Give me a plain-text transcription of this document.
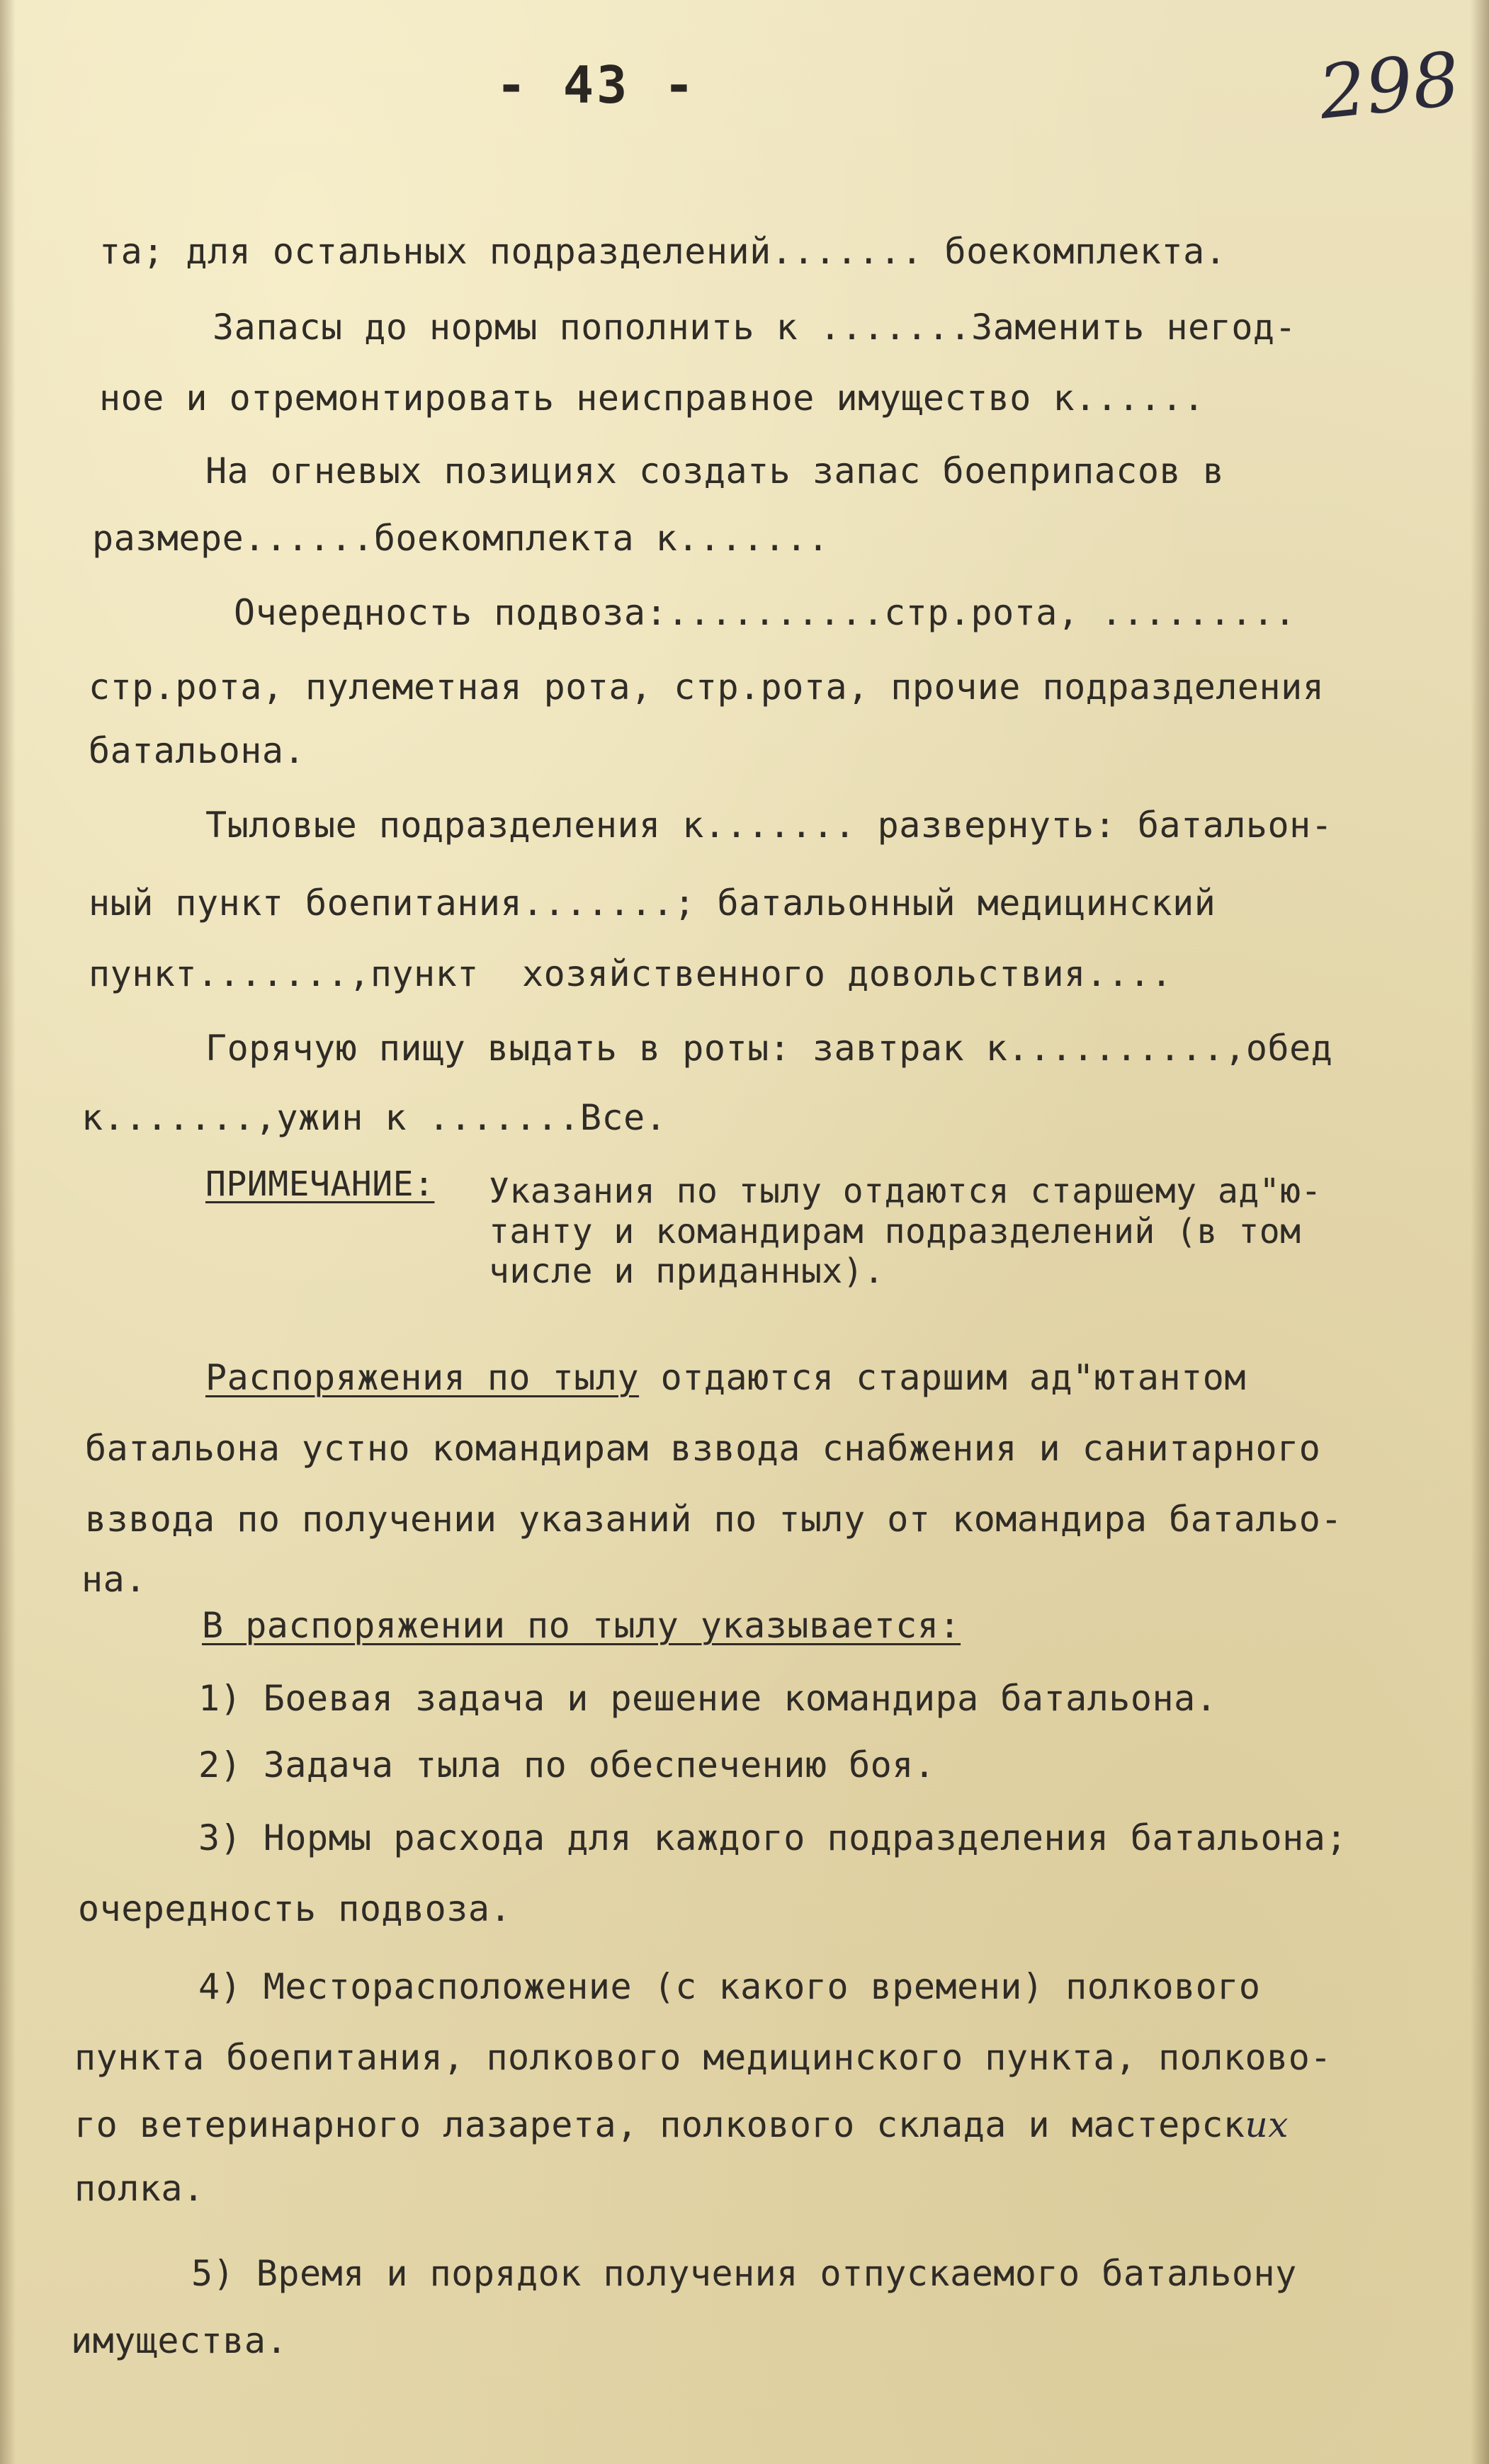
- 43 -	298
та; для остальных подразделений....... боекомплекта.
Запасы до нормы пополнить к .......Заменить негод-
ное и отремонтировать неисправное имущество к......
На огневых позициях создать запас боеприпасов в
размере......боекомплекта к.......
Очередность подвоза:..........стр.рота, .........
стр.рота, пулеметная рота, стр.рота, прочие подразделения
батальона.
Тыловые подразделения к....... развернуть: батальон-
ный пункт боепитания.......; батальонный медицинский
пункт.......,пункт  хозяйственного довольствия....
Горячую пищу выдать в роты: завтрак к..........,обед
к.......,ужин к .......Все.
ПРИМЕЧАНИЕ: Указания по тылу отдаются старшему ад"ю-
танту и командирам подразделений (в том
числе и приданных).
Распоряжения по тылу отдаются старшим ад"ютантом
батальона устно командирам взвода снабжения и санитарного
взвода по получении указаний по тылу от командира батальо-
на.
В распоряжении по тылу указывается:
1) Боевая задача и решение командира батальона.
2) Задача тыла по обеспечению боя.
3) Нормы расхода для каждого подразделения батальона;
очередность подвоза.
4) Месторасположение (с какого времени) полкового
пункта боепитания, полкового медицинского пункта, полково-
го ветеринарного лазарета, полкового склада и мастерских
полка.
5) Время и порядок получения отпускаемого батальону
имущества.
